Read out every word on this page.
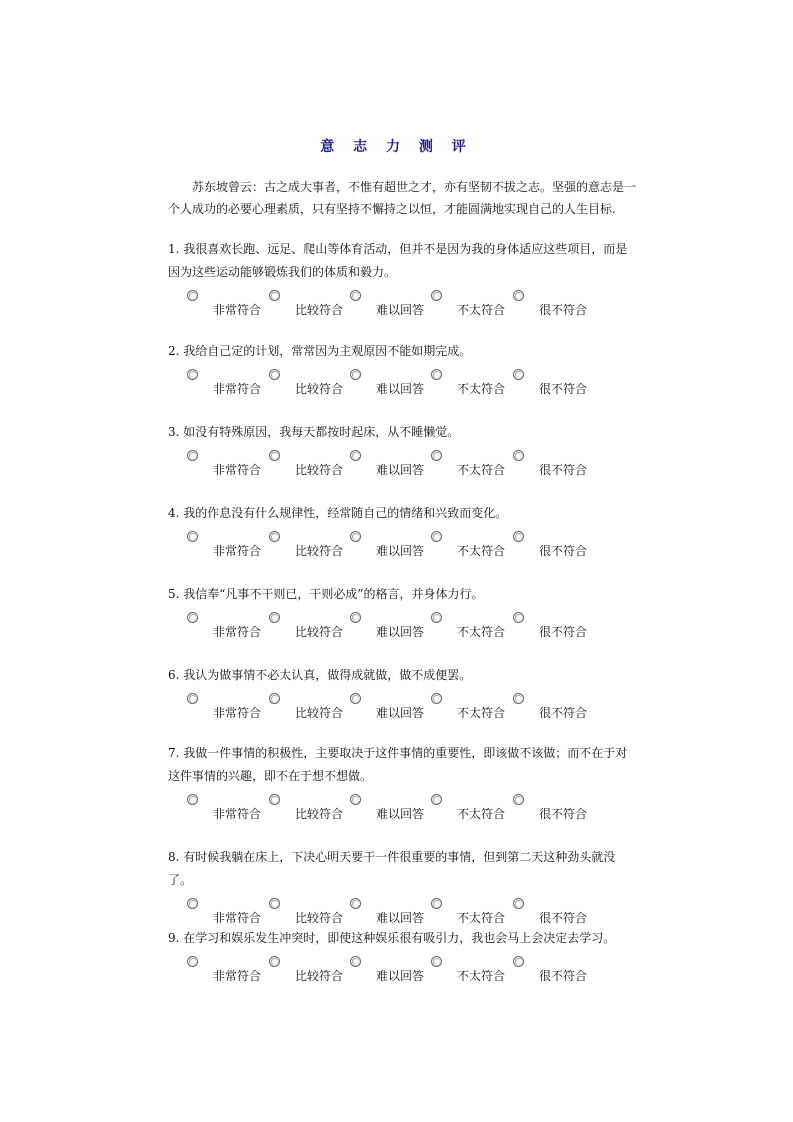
意 志 力 测 评

苏东坡曾云：古之成大事者，不惟有超世之才，亦有坚韧不拔之志。坚强的意志是一个人成功的必要心理素质，只有坚持不懈持之以恒，才能圆满地实现自己的人生目标.

1. 我很喜欢长跑、远足、爬山等体育活动，但并不是因为我的身体适应这些项目，而是因为这些运动能够锻炼我们的体质和毅力。

非常符合	比较符合	难以回答	不太符合	很不符合

2. 我给自己定的计划，常常因为主观原因不能如期完成。

非常符合	比较符合	难以回答	不太符合	很不符合

3. 如没有特殊原因，我每天都按时起床，从不睡懒觉。

非常符合	比较符合	难以回答	不太符合	很不符合

4. 我的作息没有什么规律性，经常随自己的情绪和兴致而变化。

非常符合	比较符合	难以回答	不太符合	很不符合

5. 我信奉“凡事不干则已，干则必成”的格言，并身体力行。

非常符合	比较符合	难以回答	不太符合	很不符合

6. 我认为做事情不必太认真，做得成就做，做不成便罢。

非常符合	比较符合	难以回答	不太符合	很不符合

7. 我做一件事情的积极性，主要取决于这件事情的重要性，即该做不该做；而不在于对这件事情的兴趣，即不在于想不想做。

非常符合	比较符合	难以回答	不太符合	很不符合

8. 有时候我躺在床上，下决心明天要干一件很重要的事情，但到第二天这种劲头就没了。

非常符合	比较符合	难以回答	不太符合	很不符合

9. 在学习和娱乐发生冲突时，即使这种娱乐很有吸引力，我也会马上会决定去学习。

非常符合	比较符合	难以回答	不太符合	很不符合
